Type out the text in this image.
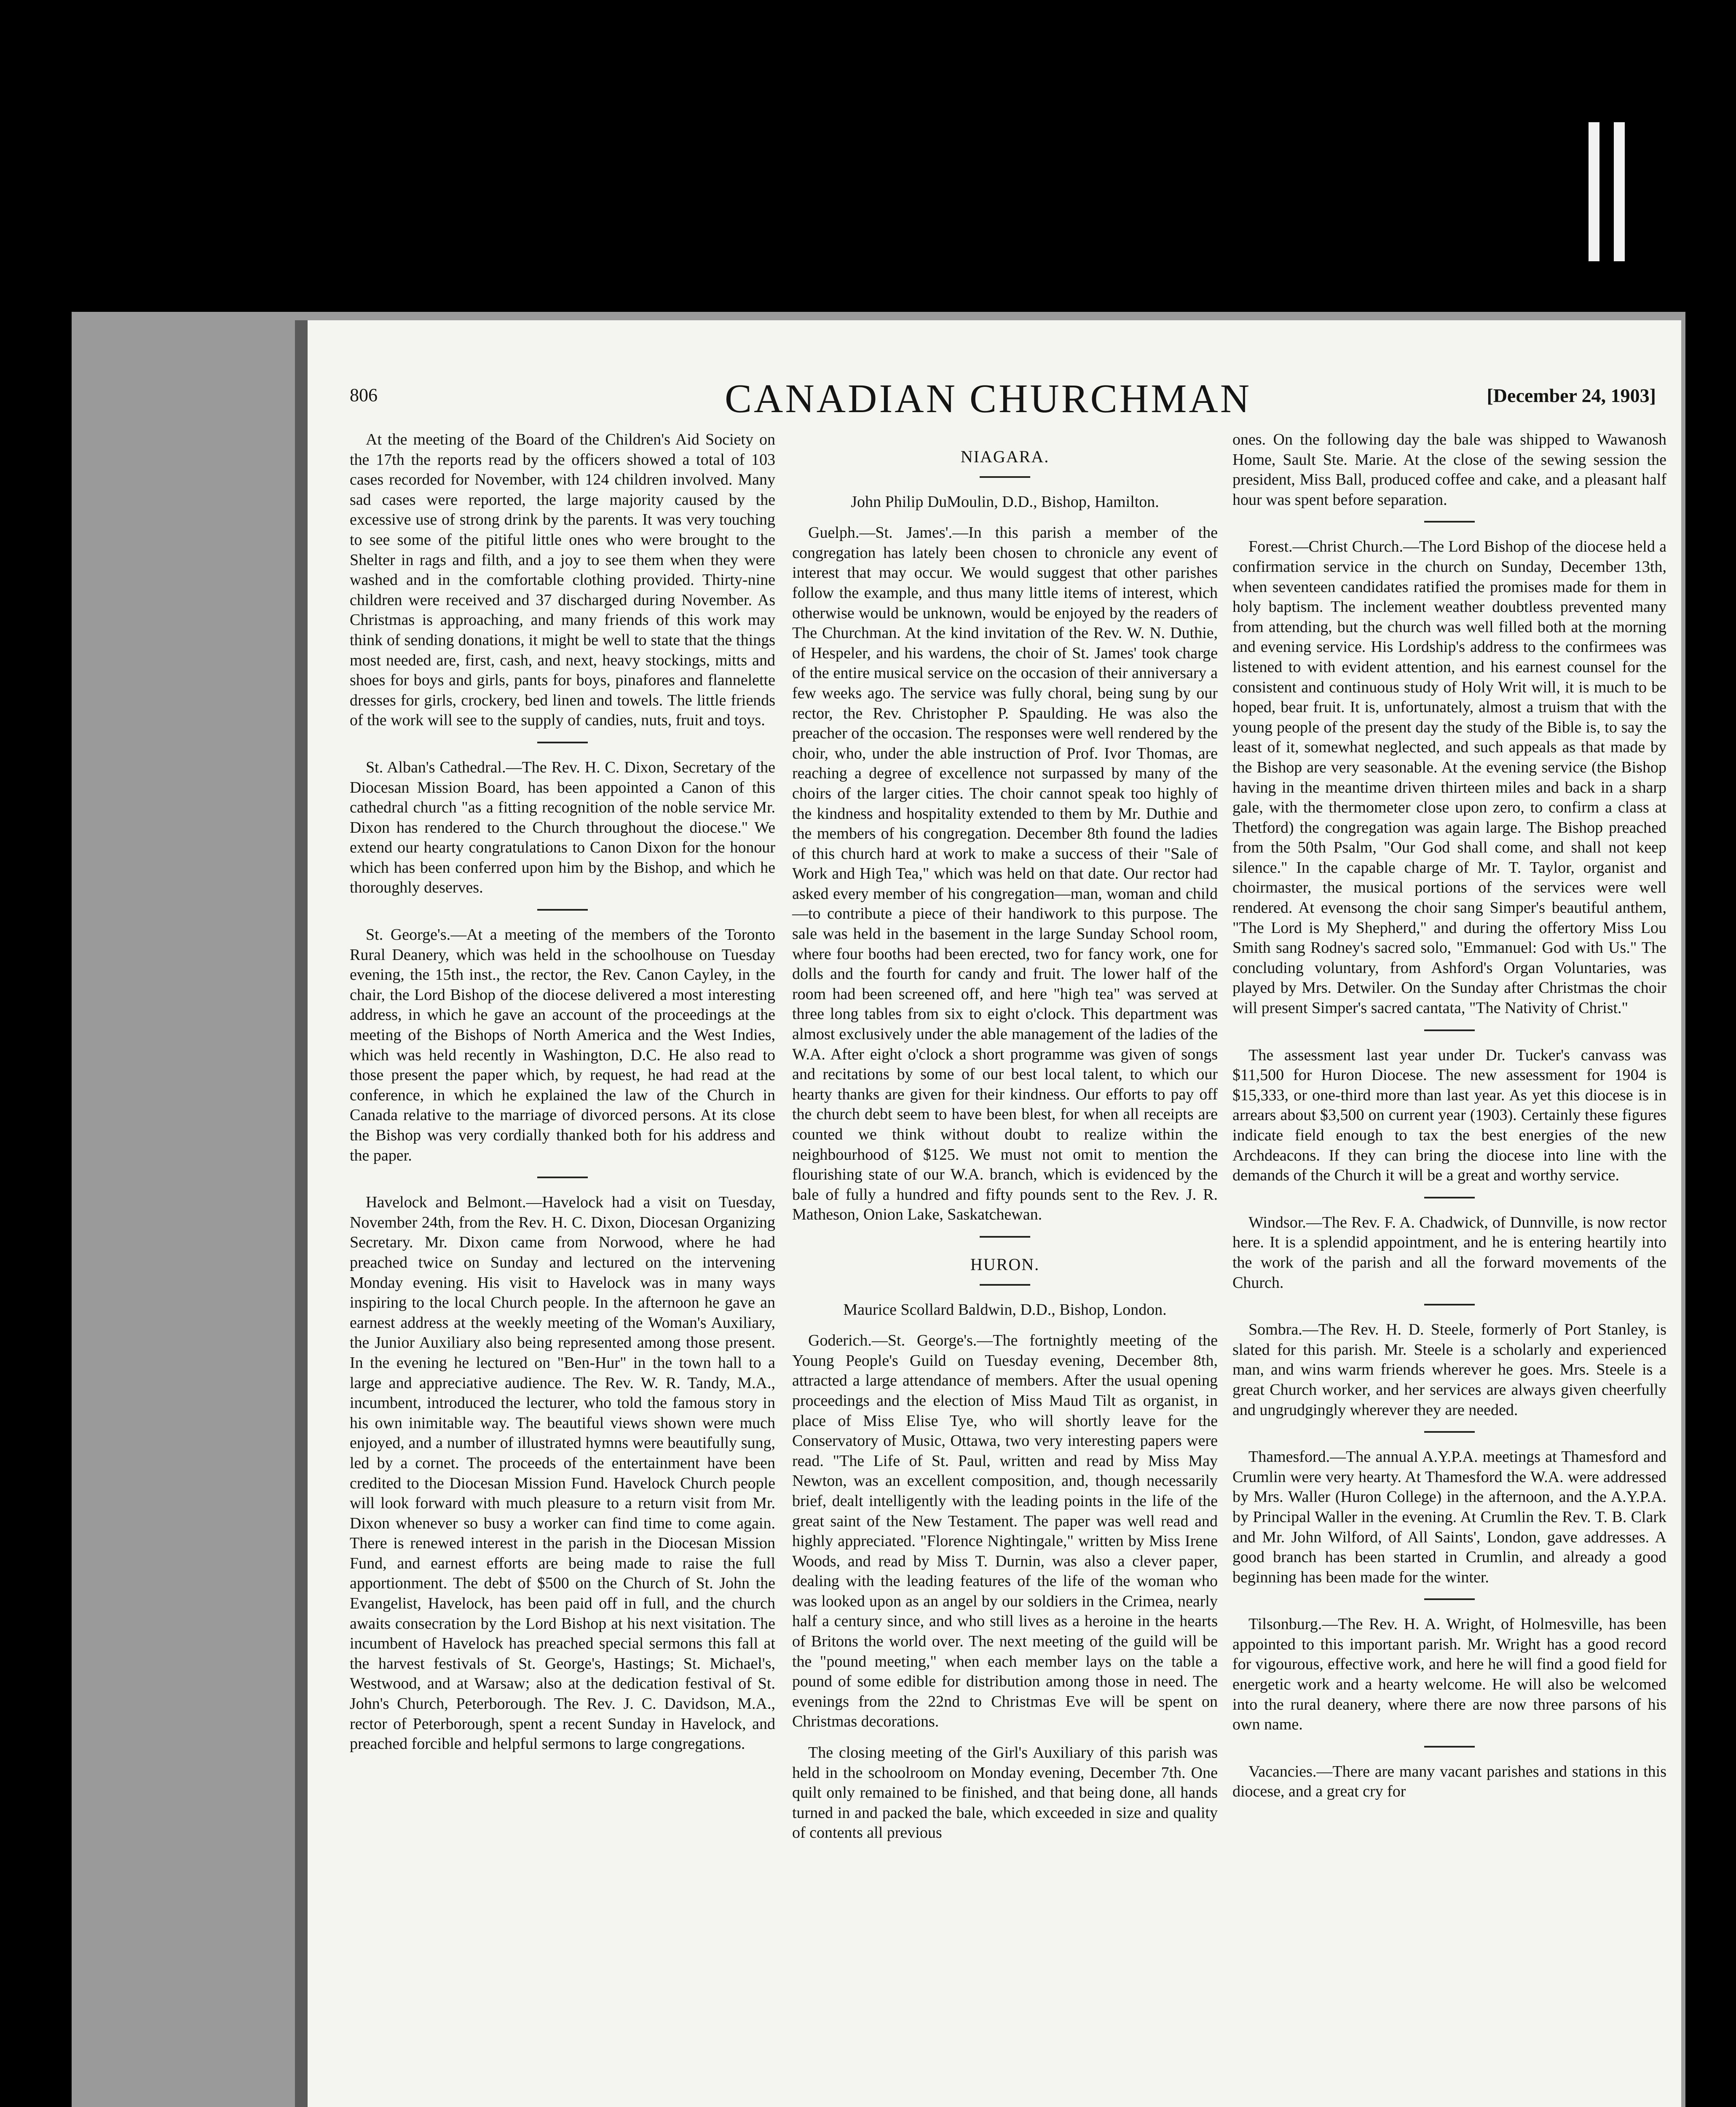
806	CANADIAN CHURCHMAN	[December 24, 1903]

At the meeting of the Board of the Children's Aid Society on the 17th the reports read by the officers showed a total of 103 cases recorded for November, with 124 children involved. Many sad cases were reported, the large majority caused by the excessive use of strong drink by the parents. It was very touching to see some of the pitiful little ones who were brought to the Shelter in rags and filth, and a joy to see them when they were washed and in the comfortable clothing provided. Thirty-nine children were received and 37 discharged during November. As Christmas is approaching, and many friends of this work may think of sending donations, it might be well to state that the things most needed are, first, cash, and next, heavy stockings, mitts and shoes for boys and girls, pants for boys, pinafores and flannelette dresses for girls, crockery, bed linen and towels. The little friends of the work will see to the supply of candies, nuts, fruit and toys.

St. Alban's Cathedral.—The Rev. H. C. Dixon, Secretary of the Diocesan Mission Board, has been appointed a Canon of this cathedral church "as a fitting recognition of the noble service Mr. Dixon has rendered to the Church throughout the diocese." We extend our hearty congratulations to Canon Dixon for the honour which has been conferred upon him by the Bishop, and which he thoroughly deserves.

St. George's.—At a meeting of the members of the Toronto Rural Deanery, which was held in the schoolhouse on Tuesday evening, the 15th inst., the rector, the Rev. Canon Cayley, in the chair, the Lord Bishop of the diocese delivered a most interesting address, in which he gave an account of the proceedings at the meeting of the Bishops of North America and the West Indies, which was held recently in Washington, D.C. He also read to those present the paper which, by request, he had read at the conference, in which he explained the law of the Church in Canada relative to the marriage of divorced persons. At its close the Bishop was very cordially thanked both for his address and the paper.

Havelock and Belmont.—Havelock had a visit on Tuesday, November 24th, from the Rev. H. C. Dixon, Diocesan Organizing Secretary. Mr. Dixon came from Norwood, where he had preached twice on Sunday and lectured on the intervening Monday evening. His visit to Havelock was in many ways inspiring to the local Church people. In the afternoon he gave an earnest address at the weekly meeting of the Woman's Auxiliary, the Junior Auxiliary also being represented among those present. In the evening he lectured on "Ben-Hur" in the town hall to a large and appreciative audience. The Rev. W. R. Tandy, M.A., incumbent, introduced the lecturer, who told the famous story in his own inimitable way. The beautiful views shown were much enjoyed, and a number of illustrated hymns were beautifully sung, led by a cornet. The proceeds of the entertainment have been credited to the Diocesan Mission Fund. Havelock Church people will look forward with much pleasure to a return visit from Mr. Dixon whenever so busy a worker can find time to come again. There is renewed interest in the parish in the Diocesan Mission Fund, and earnest efforts are being made to raise the full apportionment. The debt of $500 on the Church of St. John the Evangelist, Havelock, has been paid off in full, and the church awaits consecration by the Lord Bishop at his next visitation. The incumbent of Havelock has preached special sermons this fall at the harvest festivals of St. George's, Hastings; St. Michael's, Westwood, and at Warsaw; also at the dedication festival of St. John's Church, Peterborough. The Rev. J. C. Davidson, M.A., rector of Peterborough, spent a recent Sunday in Havelock, and preached forcible and helpful sermons to large congregations.

NIAGARA.
John Philip DuMoulin, D.D., Bishop, Hamilton.

Guelph.—St. James'.—In this parish a member of the congregation has lately been chosen to chronicle any event of interest that may occur. We would suggest that other parishes follow the example, and thus many little items of interest, which otherwise would be unknown, would be enjoyed by the readers of The Churchman. At the kind invitation of the Rev. W. N. Duthie, of Hespeler, and his wardens, the choir of St. James' took charge of the entire musical service on the occasion of their anniversary a few weeks ago. The service was fully choral, being sung by our rector, the Rev. Christopher P. Spaulding. He was also the preacher of the occasion. The responses were well rendered by the choir, who, under the able instruction of Prof. Ivor Thomas, are reaching a degree of excellence not surpassed by many of the choirs of the larger cities. The choir cannot speak too highly of the kindness and hospitality extended to them by Mr. Duthie and the members of his congregation. December 8th found the ladies of this church hard at work to make a success of their "Sale of Work and High Tea," which was held on that date. Our rector had asked every member of his congregation—man, woman and child—to contribute a piece of their handiwork to this purpose. The sale was held in the basement in the large Sunday School room, where four booths had been erected, two for fancy work, one for dolls and the fourth for candy and fruit. The lower half of the room had been screened off, and here "high tea" was served at three long tables from six to eight o'clock. This department was almost exclusively under the able management of the ladies of the W.A. After eight o'clock a short programme was given of songs and recitations by some of our best local talent, to which our hearty thanks are given for their kindness. Our efforts to pay off the church debt seem to have been blest, for when all receipts are counted we think without doubt to realize within the neighbourhood of $125. We must not omit to mention the flourishing state of our W.A. branch, which is evidenced by the bale of fully a hundred and fifty pounds sent to the Rev. J. R. Matheson, Onion Lake, Saskatchewan.

HURON.
Maurice Scollard Baldwin, D.D., Bishop, London.

Goderich.—St. George's.—The fortnightly meeting of the Young People's Guild on Tuesday evening, December 8th, attracted a large attendance of members. After the usual opening proceedings and the election of Miss Maud Tilt as organist, in place of Miss Elise Tye, who will shortly leave for the Conservatory of Music, Ottawa, two very interesting papers were read. "The Life of St. Paul, written and read by Miss May Newton, was an excellent composition, and, though necessarily brief, dealt intelligently with the leading points in the life of the great saint of the New Testament. The paper was well read and highly appreciated. "Florence Nightingale," written by Miss Irene Woods, and read by Miss T. Durnin, was also a clever paper, dealing with the leading features of the life of the woman who was looked upon as an angel by our soldiers in the Crimea, nearly half a century since, and who still lives as a heroine in the hearts of Britons the world over. The next meeting of the guild will be the "pound meeting," when each member lays on the table a pound of some edible for distribution among those in need. The evenings from the 22nd to Christmas Eve will be spent on Christmas decorations.

The closing meeting of the Girl's Auxiliary of this parish was held in the schoolroom on Monday evening, December 7th. One quilt only remained to be finished, and that being done, all hands turned in and packed the bale, which exceeded in size and quality of contents all previous

ones. On the following day the bale was shipped to Wawanosh Home, Sault Ste. Marie. At the close of the sewing session the president, Miss Ball, produced coffee and cake, and a pleasant half hour was spent before separation.

Forest.—Christ Church.—The Lord Bishop of the diocese held a confirmation service in the church on Sunday, December 13th, when seventeen candidates ratified the promises made for them in holy baptism. The inclement weather doubtless prevented many from attending, but the church was well filled both at the morning and evening service. His Lordship's address to the confirmees was listened to with evident attention, and his earnest counsel for the consistent and continuous study of Holy Writ will, it is much to be hoped, bear fruit. It is, unfortunately, almost a truism that with the young people of the present day the study of the Bible is, to say the least of it, somewhat neglected, and such appeals as that made by the Bishop are very seasonable. At the evening service (the Bishop having in the meantime driven thirteen miles and back in a sharp gale, with the thermometer close upon zero, to confirm a class at Thetford) the congregation was again large. The Bishop preached from the 50th Psalm, "Our God shall come, and shall not keep silence." In the capable charge of Mr. T. Taylor, organist and choirmaster, the musical portions of the services were well rendered. At evensong the choir sang Simper's beautiful anthem, "The Lord is My Shepherd," and during the offertory Miss Lou Smith sang Rodney's sacred solo, "Emmanuel: God with Us." The concluding voluntary, from Ashford's Organ Voluntaries, was played by Mrs. Detwiler. On the Sunday after Christmas the choir will present Simper's sacred cantata, "The Nativity of Christ."

The assessment last year under Dr. Tucker's canvass was $11,500 for Huron Diocese. The new assessment for 1904 is $15,333, or one-third more than last year. As yet this diocese is in arrears about $3,500 on current year (1903). Certainly these figures indicate field enough to tax the best energies of the new Archdeacons. If they can bring the diocese into line with the demands of the Church it will be a great and worthy service.

Windsor.—The Rev. F. A. Chadwick, of Dunnville, is now rector here. It is a splendid appointment, and he is entering heartily into the work of the parish and all the forward movements of the Church.

Sombra.—The Rev. H. D. Steele, formerly of Port Stanley, is slated for this parish. Mr. Steele is a scholarly and experienced man, and wins warm friends wherever he goes. Mrs. Steele is a great Church worker, and her services are always given cheerfully and ungrudgingly wherever they are needed.

Thamesford.—The annual A.Y.P.A. meetings at Thamesford and Crumlin were very hearty. At Thamesford the W.A. were addressed by Mrs. Waller (Huron College) in the afternoon, and the A.Y.P.A. by Principal Waller in the evening. At Crumlin the Rev. T. B. Clark and Mr. John Wilford, of All Saints', London, gave addresses. A good branch has been started in Crumlin, and already a good beginning has been made for the winter.

Tilsonburg.—The Rev. H. A. Wright, of Holmesville, has been appointed to this important parish. Mr. Wright has a good record for vigourous, effective work, and here he will find a good field for energetic work and a hearty welcome. He will also be welcomed into the rural deanery, where there are now three parsons of his own name.

Vacancies.—There are many vacant parishes and stations in this diocese, and a great cry for
